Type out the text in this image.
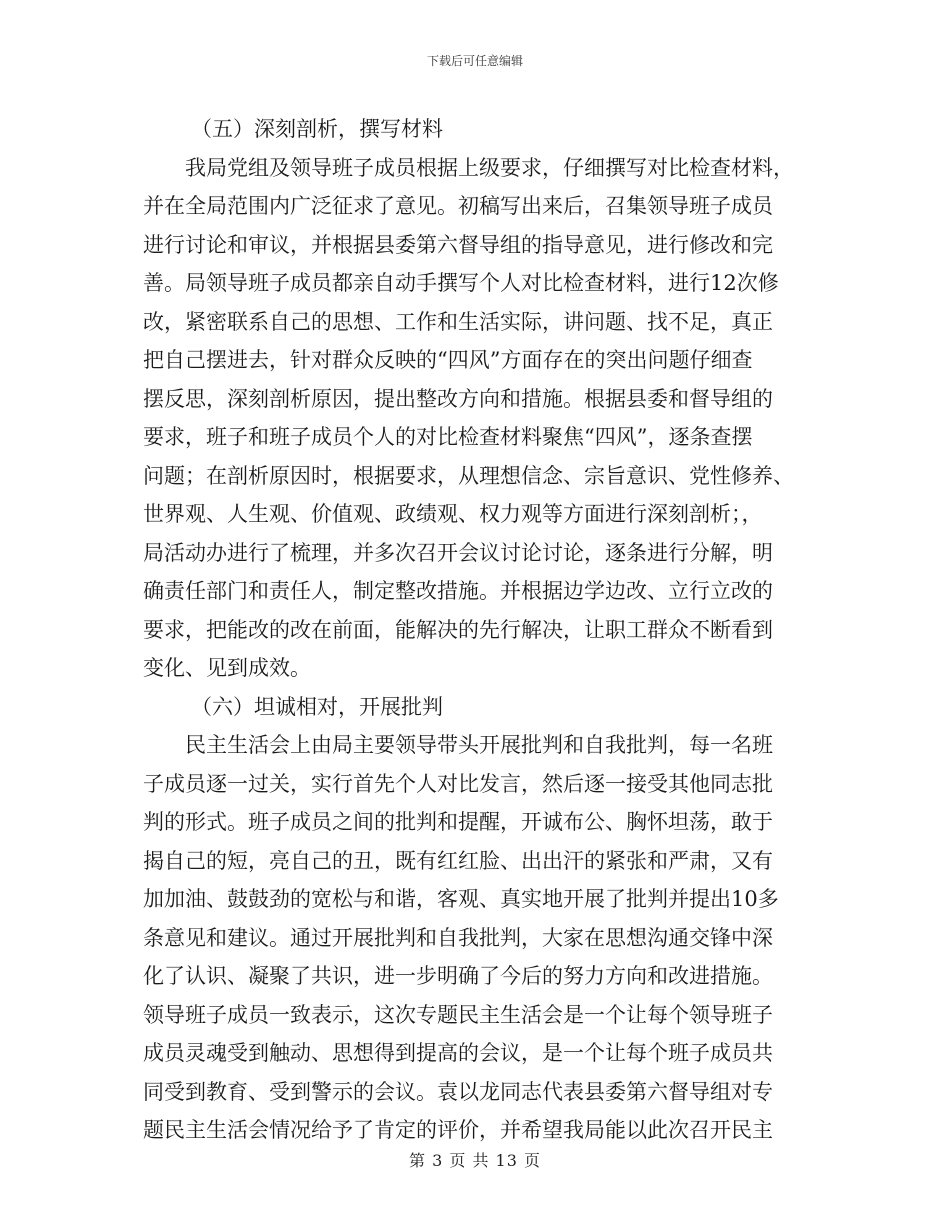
下载后可任意编辑
（五）深刻剖析，撰写材料
我局党组及领导班子成员根据上级要求，仔细撰写对比检查材料，
并在全局范围内广泛征求了意见。初稿写出来后，召集领导班子成员
进行讨论和审议，并根据县委第六督导组的指导意见，进行修改和完
善。局领导班子成员都亲自动手撰写个人对比检查材料，进行12次修
改，紧密联系自己的思想、工作和生活实际，讲问题、找不足，真正
把自己摆进去，针对群众反映的“四风”方面存在的突出问题仔细查
摆反思，深刻剖析原因，提出整改方向和措施。根据县委和督导组的
要求，班子和班子成员个人的对比检查材料聚焦“四风”，逐条查摆
问题；在剖析原因时，根据要求，从理想信念、宗旨意识、党性修养、
世界观、人生观、价值观、政绩观、权力观等方面进行深刻剖析；，
局活动办进行了梳理，并多次召开会议讨论讨论，逐条进行分解，明
确责任部门和责任人，制定整改措施。并根据边学边改、立行立改的
要求，把能改的改在前面，能解决的先行解决，让职工群众不断看到
变化、见到成效。
（六）坦诚相对，开展批判
民主生活会上由局主要领导带头开展批判和自我批判，每一名班
子成员逐一过关，实行首先个人对比发言，然后逐一接受其他同志批
判的形式。班子成员之间的批判和提醒，开诚布公、胸怀坦荡，敢于
揭自己的短，亮自己的丑，既有红红脸、出出汗的紧张和严肃，又有
加加油、鼓鼓劲的宽松与和谐，客观、真实地开展了批判并提出10多
条意见和建议。通过开展批判和自我批判，大家在思想沟通交锋中深
化了认识、凝聚了共识，进一步明确了今后的努力方向和改进措施。
领导班子成员一致表示，这次专题民主生活会是一个让每个领导班子
成员灵魂受到触动、思想得到提高的会议，是一个让每个班子成员共
同受到教育、受到警示的会议。袁以龙同志代表县委第六督导组对专
题民主生活会情况给予了肯定的评价，并希望我局能以此次召开民主
第 3 页 共 13 页
